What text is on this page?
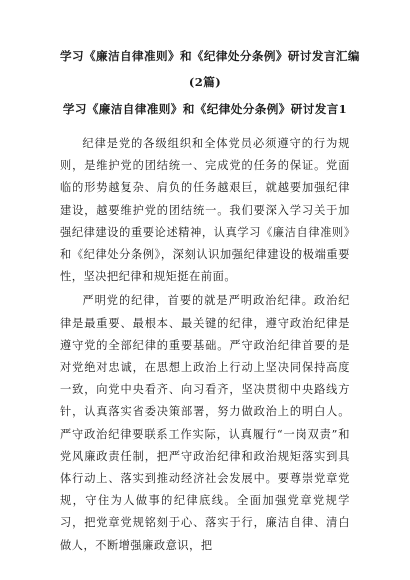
学习《廉洁自律准则》和《纪律处分条例》研讨发言汇编

(2篇)

学习《廉洁自律准则》和《纪律处分条例》研讨发言1

纪律是党的各级组织和全体党员必须遵守的行为规则，是维护党的团结统一、完成党的任务的保证。党面临的形势越复杂、肩负的任务越艰巨，就越要加强纪律建设，越要维护党的团结统一。我们要深入学习关于加强纪律建设的重要论述精神，认真学习《廉洁自律准则》和《纪律处分条例》，深刻认识加强纪律建设的极端重要性，坚决把纪律和规矩挺在前面。

严明党的纪律，首要的就是严明政治纪律。政治纪律是最重要、最根本、最关键的纪律，遵守政治纪律是遵守党的全部纪律的重要基础。严守政治纪律首要的是对党绝对忠诚，在思想上政治上行动上坚决同保持高度一致，向党中央看齐、向习看齐，坚决贯彻中央路线方针，认真落实省委决策部署，努力做政治上的明白人。严守政治纪律要联系工作实际，认真履行“一岗双责”和党风廉政责任制，把严守政治纪律和政治规矩落实到具体行动上、落实到推动经济社会发展中。要尊崇党章党规，守住为人做事的纪律底线。全面加强党章党规学习，把党章党规铭刻于心、落实于行，廉洁自律、清白做人，不断增强廉政意识，把
